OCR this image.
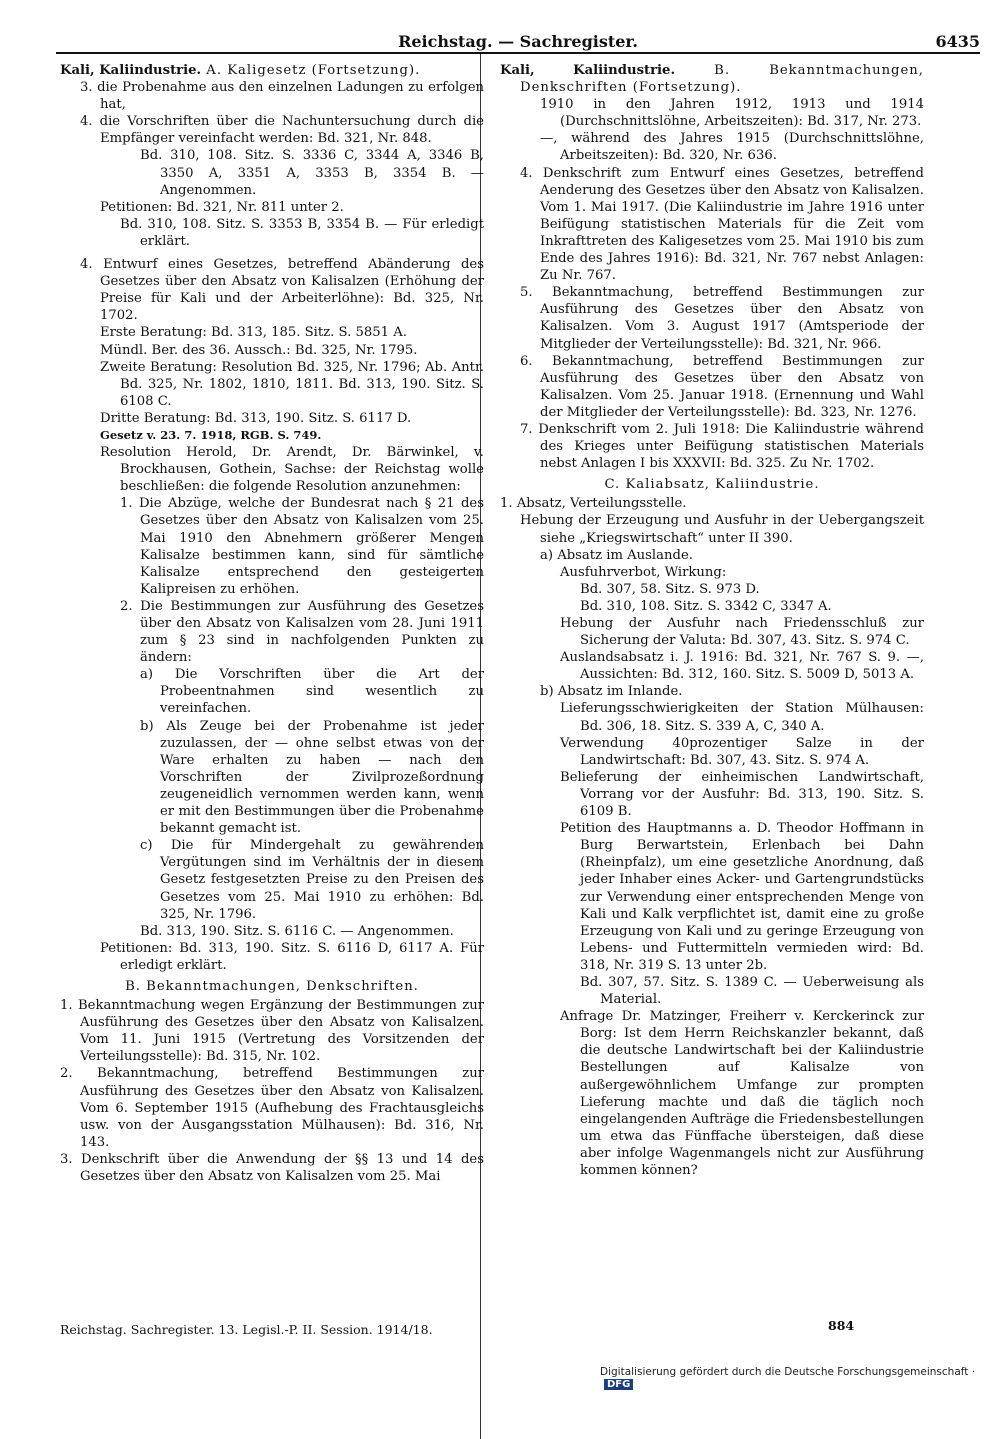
Reichstag. — Sachregister.	6435

Kali, Kaliindustrie. A. Kaligesetz (Fortsetzung).

3. die Probenahme aus den einzelnen Ladungen zu erfolgen hat,

4. die Vorschriften über die Nachuntersuchung durch die Empfänger vereinfacht werden: Bd. 321, Nr. 848.

Bd. 310, 108. Sitz. S. 3336 C, 3344 A, 3346 B, 3350 A, 3351 A, 3353 B, 3354 B. — Angenommen.

Petitionen: Bd. 321, Nr. 811 unter 2.

Bd. 310, 108. Sitz. S. 3353 B, 3354 B. — Für erledigt erklärt.

4. Entwurf eines Gesetzes, betreffend Abänderung des Gesetzes über den Absatz von Kalisalzen (Erhöhung der Preise für Kali und der Arbeiterlöhne): Bd. 325, Nr. 1702.

Erste Beratung: Bd. 313, 185. Sitz. S. 5851 A.

Mündl. Ber. des 36. Aussch.: Bd. 325, Nr. 1795.

Zweite Beratung: Resolution Bd. 325, Nr. 1796; Ab. Antr. Bd. 325, Nr. 1802, 1810, 1811. Bd. 313, 190. Sitz. S. 6108 C.

Dritte Beratung: Bd. 313, 190. Sitz. S. 6117 D.

Gesetz v. 23. 7. 1918, RGB. S. 749.

Resolution Herold, Dr. Arendt, Dr. Bärwinkel, v. Brockhausen, Gothein, Sachse: der Reichstag wolle beschließen: die folgende Resolution anzunehmen:

1. Die Abzüge, welche der Bundesrat nach § 21 des Gesetzes über den Absatz von Kalisalzen vom 25. Mai 1910 den Abnehmern größerer Mengen Kalisalze bestimmen kann, sind für sämtliche Kalisalze entsprechend den gesteigerten Kalipreisen zu erhöhen.

2. Die Bestimmungen zur Ausführung des Gesetzes über den Absatz von Kalisalzen vom 28. Juni 1911 zum § 23 sind in nachfolgenden Punkten zu ändern:

a) Die Vorschriften über die Art der Probeentnahmen sind wesentlich zu vereinfachen.

b) Als Zeuge bei der Probenahme ist jeder zuzulassen, der — ohne selbst etwas von der Ware erhalten zu haben — nach den Vorschriften der Zivilprozeßordnung zeugeneidlich vernommen werden kann, wenn er mit den Bestimmungen über die Probenahme bekannt gemacht ist.

c) Die für Mindergehalt zu gewährenden Vergütungen sind im Verhältnis der in diesem Gesetz festgesetzten Preise zu den Preisen des Gesetzes vom 25. Mai 1910 zu erhöhen: Bd. 325, Nr. 1796.

Bd. 313, 190. Sitz. S. 6116 C. — Angenommen.

Petitionen: Bd. 313, 190. Sitz. S. 6116 D, 6117 A. Für erledigt erklärt.

B. Bekanntmachungen, Denkschriften.

1. Bekanntmachung wegen Ergänzung der Bestimmungen zur Ausführung des Gesetzes über den Absatz von Kalisalzen. Vom 11. Juni 1915 (Vertretung des Vorsitzenden der Verteilungsstelle): Bd. 315, Nr. 102.

2. Bekanntmachung, betreffend Bestimmungen zur Ausführung des Gesetzes über den Absatz von Kalisalzen. Vom 6. September 1915 (Aufhebung des Frachtausgleichs usw. von der Ausgangsstation Mülhausen): Bd. 316, Nr. 143.

3. Denkschrift über die Anwendung der §§ 13 und 14 des Gesetzes über den Absatz von Kalisalzen vom 25. Mai

Kali, Kaliindustrie. B. Bekanntmachungen, Denkschriften (Fortsetzung).

1910 in den Jahren 1912, 1913 und 1914 (Durchschnittslöhne, Arbeitszeiten): Bd. 317, Nr. 273.

—, während des Jahres 1915 (Durchschnittslöhne, Arbeitszeiten): Bd. 320, Nr. 636.

4. Denkschrift zum Entwurf eines Gesetzes, betreffend Aenderung des Gesetzes über den Absatz von Kalisalzen. Vom 1. Mai 1917. (Die Kaliindustrie im Jahre 1916 unter Beifügung statistischen Materials für die Zeit vom Inkrafttreten des Kaligesetzes vom 25. Mai 1910 bis zum Ende des Jahres 1916): Bd. 321, Nr. 767 nebst Anlagen: Zu Nr. 767.

5. Bekanntmachung, betreffend Bestimmungen zur Ausführung des Gesetzes über den Absatz von Kalisalzen. Vom 3. August 1917 (Amtsperiode der Mitglieder der Verteilungsstelle): Bd. 321, Nr. 966.

6. Bekanntmachung, betreffend Bestimmungen zur Ausführung des Gesetzes über den Absatz von Kalisalzen. Vom 25. Januar 1918. (Ernennung und Wahl der Mitglieder der Verteilungsstelle): Bd. 323, Nr. 1276.

7. Denkschrift vom 2. Juli 1918: Die Kaliindustrie während des Krieges unter Beifügung statistischen Materials nebst Anlagen I bis XXXVII: Bd. 325. Zu Nr. 1702.

C. Kaliabsatz, Kaliindustrie.

1. Absatz, Verteilungsstelle.

Hebung der Erzeugung und Ausfuhr in der Uebergangszeit siehe „Kriegswirtschaft“ unter II 390.

a) Absatz im Auslande.

Ausfuhrverbot, Wirkung:

Bd. 307, 58. Sitz. S. 973 D.

Bd. 310, 108. Sitz. S. 3342 C, 3347 A.

Hebung der Ausfuhr nach Friedensschluß zur Sicherung der Valuta: Bd. 307, 43. Sitz. S. 974 C.

Auslandsabsatz i. J. 1916: Bd. 321, Nr. 767 S. 9. —, Aussichten: Bd. 312, 160. Sitz. S. 5009 D, 5013 A.

b) Absatz im Inlande.

Lieferungsschwierigkeiten der Station Mülhausen: Bd. 306, 18. Sitz. S. 339 A, C, 340 A.

Verwendung 40prozentiger Salze in der Landwirtschaft: Bd. 307, 43. Sitz. S. 974 A.

Belieferung der einheimischen Landwirtschaft, Vorrang vor der Ausfuhr: Bd. 313, 190. Sitz. S. 6109 B.

Petition des Hauptmanns a. D. Theodor Hoffmann in Burg Berwartstein, Erlenbach bei Dahn (Rheinpfalz), um eine gesetzliche Anordnung, daß jeder Inhaber eines Acker- und Gartengrundstücks zur Verwendung einer entsprechenden Menge von Kali und Kalk verpflichtet ist, damit eine zu große Erzeugung von Kali und zu geringe Erzeugung von Lebens- und Futtermitteln vermieden wird: Bd. 318, Nr. 319 S. 13 unter 2b.

Bd. 307, 57. Sitz. S. 1389 C. — Ueberweisung als Material.

Anfrage Dr. Matzinger, Freiherr v. Kerckerinck zur Borg: Ist dem Herrn Reichskanzler bekannt, daß die deutsche Landwirtschaft bei der Kaliindustrie Bestellungen auf Kalisalze von außergewöhnlichem Umfange zur prompten Lieferung machte und daß die täglich noch eingelangenden Aufträge die Friedensbestellungen um etwa das Fünffache übersteigen, daß diese aber infolge Wagenmangels nicht zur Ausführung kommen können?

Reichstag. Sachregister. 13. Legisl.-P. II. Session. 1914/18.	884
Digitalisierung gefördert durch die Deutsche Forschungsgemeinschaft · DFG
